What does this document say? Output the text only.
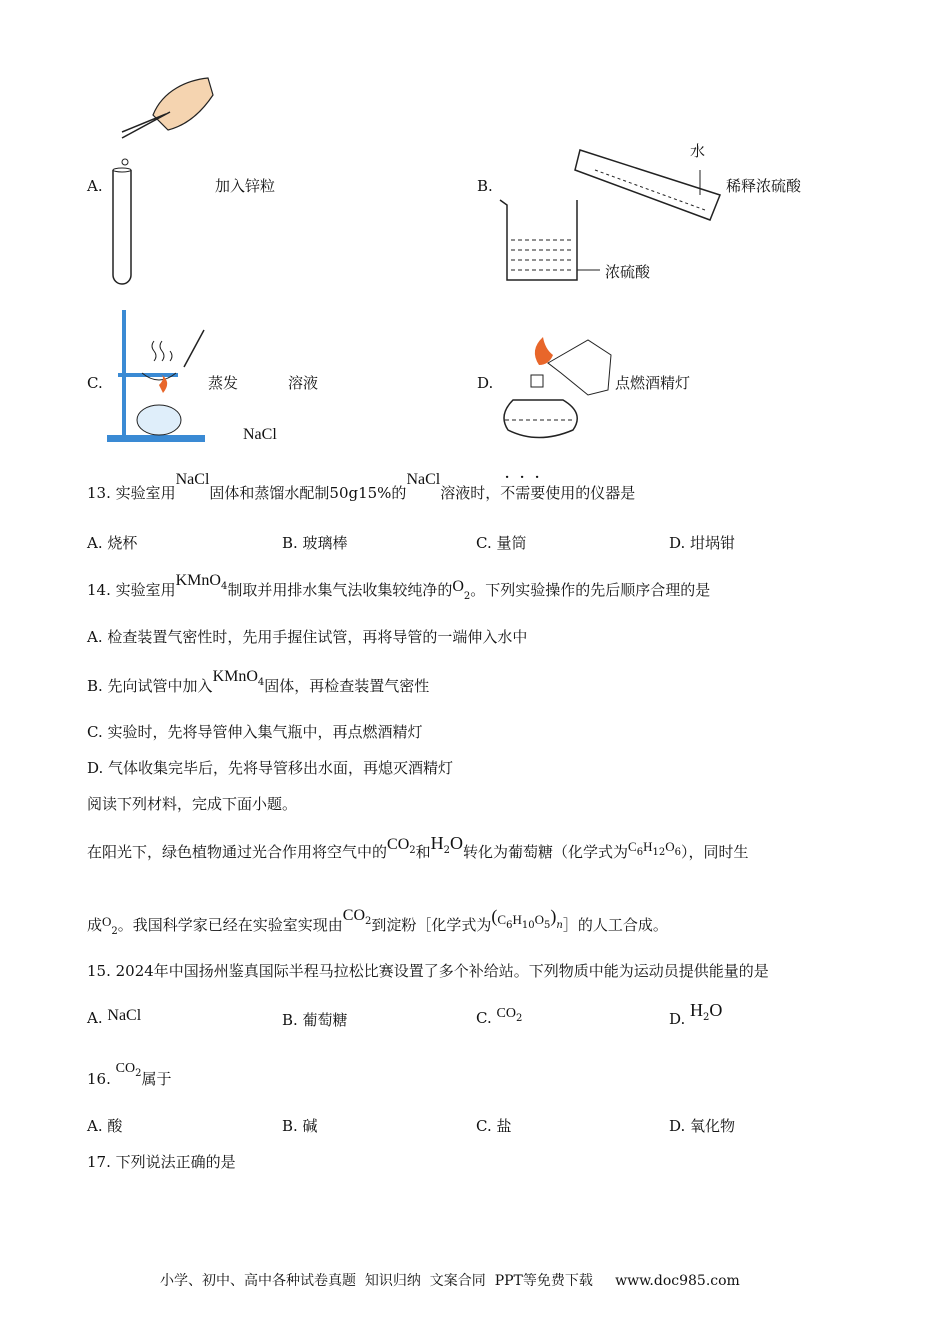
A.	加入锌粒	B.
水
稀释浓硫酸
浓硫酸
C.	蒸发	溶液
NaCl
D.	点燃酒精灯
13. 实验室用NaCl固体和蒸馏水配制50g15%的NaCl溶液时，不需要使用的仪器是
A. 烧杯	B. 玻璃棒	C. 量筒	D. 坩埚钳
14. 实验室用KMnO$^4$制取并用排水集气法收集较纯净的$O_2$。下列实验操作的先后顺序合理的是
A. 检查装置气密性时，先用手握住试管，再将导管的一端伸入水中
B. 先向试管中加入KMnO$^4$固体，再检查装置气密性
C. 实验时，先将导管伸入集气瓶中，再点燃酒精灯
D. 气体收集完毕后，先将导管移出水面，再熄灭酒精灯
阅读下列材料，完成下面小题。
在阳光下，绿色植物通过光合作用将空气中的$CO^2$和$H^2O$转化为葡萄糖（化学式为$C_6H_{12}O_6$），同时生
成$O_2$。我国科学家已经在实验室实现由$CO^2$到淀粉［化学式为$(C_6H_{10}O_5)_n]$的人工合成。
15. 2024年中国扬州鉴真国际半程马拉松比赛设置了多个补给站。下列物质中能为运动员提供能量的是
A. NaCl	B. 葡萄糖	C. $CO_2$	D. $H^2O$
16. $CO^2$属于
A. 酸	B. 碱	C. 盐	D. 氧化物
17. 下列说法正确的是
小学、初中、高中各种试卷真题  知识归纳  文案合同  PPT等免费下载     www.doc985.com
